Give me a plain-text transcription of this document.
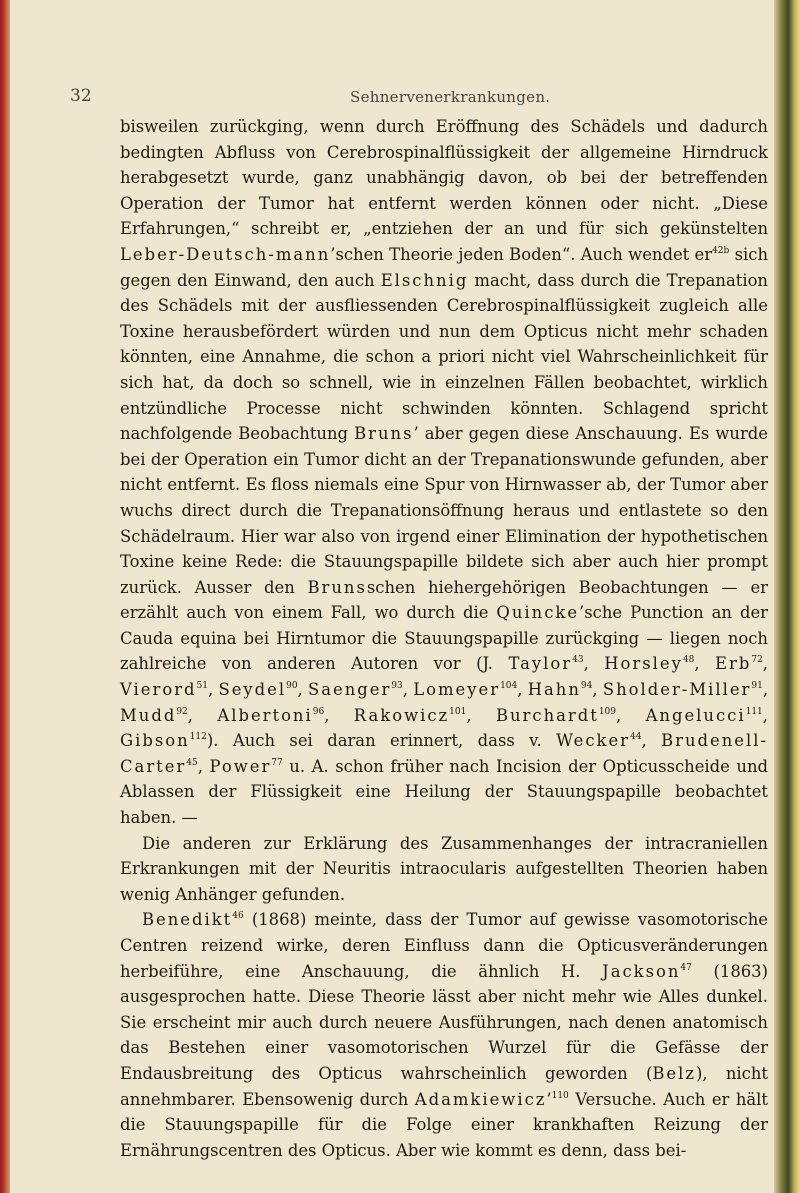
32	Sehnervenerkrankungen.

bisweilen zurückging, wenn durch Eröffnung des Schädels und dadurch bedingten Abfluss von Cerebrospinalflüssigkeit der allgemeine Hirndruck herabgesetzt wurde, ganz unabhängig davon, ob bei der betreffenden Operation der Tumor hat entfernt werden können oder nicht. „Diese Erfahrungen,“ schreibt er, „entziehen der an und für sich gekünstelten Leber-Deutsch-mann’schen Theorie jeden Boden“. Auch wendet $er^{42b}$ sich gegen den Einwand, den auch Elschnig macht, dass durch die Trepanation des Schädels mit der ausfliessenden Cerebrospinalflüssigkeit zugleich alle Toxine herausbefördert würden und nun dem Opticus nicht mehr schaden könnten, eine Annahme, die schon a priori nicht viel Wahrscheinlichkeit für sich hat, da doch so schnell, wie in einzelnen Fällen beobachtet, wirklich entzündliche Processe nicht schwinden könnten. Schlagend spricht nachfolgende Beobachtung Bruns’ aber gegen diese Anschauung. Es wurde bei der Operation ein Tumor dicht an der Trepanationswunde gefunden, aber nicht entfernt. Es floss niemals eine Spur von Hirnwasser ab, der Tumor aber wuchs direct durch die Trepanationsöffnung heraus und entlastete so den Schädelraum. Hier war also von irgend einer Elimination der hypothetischen Toxine keine Rede: die Stauungspapille bildete sich aber auch hier prompt zurück. Ausser den Brunsschen hiehergehörigen Beobachtungen — er erzählt auch von einem Fall, wo durch die Quincke’sche Punction an der Cauda equina bei Hirntumor die Stauungspapille zurückging — liegen noch zahlreiche von anderen Autoren vor (J. Taylor$^{43}$, Horsley$^{48}$, Erb$^{72}$, Vierord$^{51}$, Seydel$^{90}$, Saenger$^{93}$, Lomeyer$^{104}$, Hahn$^{94}$, Sholder-Miller$^{91}$, Mudd$^{92}$, Albertoni$^{96}$, Rakowicz$^{101}$, Burchardt$^{109}$, Angelucci$^{111}$, Gibson$^{112}$). Auch sei daran erinnert, dass v. Wecker$^{44}$, Brudenell-Carter$^{45}$, Power$^{77}$ u. A. schon früher nach Incision der Opticusscheide und Ablassen der Flüssigkeit eine Heilung der Stauungspapille beobachtet haben. —

Die anderen zur Erklärung des Zusammenhanges der intracraniellen Erkrankungen mit der Neuritis intraocularis aufgestellten Theorien haben wenig Anhänger gefunden.

Benedikt$^{46}$ (1868) meinte, dass der Tumor auf gewisse vasomotorische Centren reizend wirke, deren Einfluss dann die Opticusveränderungen herbeiführe, eine Anschauung, die ähnlich H. Jackson$^{47}$ (1863) ausgesprochen hatte. Diese Theorie lässt aber nicht mehr wie Alles dunkel. Sie erscheint mir auch durch neuere Ausführungen, nach denen anatomisch das Bestehen einer vasomotorischen Wurzel für die Gefässe der Endausbreitung des Opticus wahrscheinlich geworden (Belz), nicht annehmbarer. Ebensowenig durch Adamkiewicz’$^{110}$ Versuche. Auch er hält die Stauungspapille für die Folge einer krankhaften Reizung der Ernährungscentren des Opticus. Aber wie kommt es denn, dass bei-
